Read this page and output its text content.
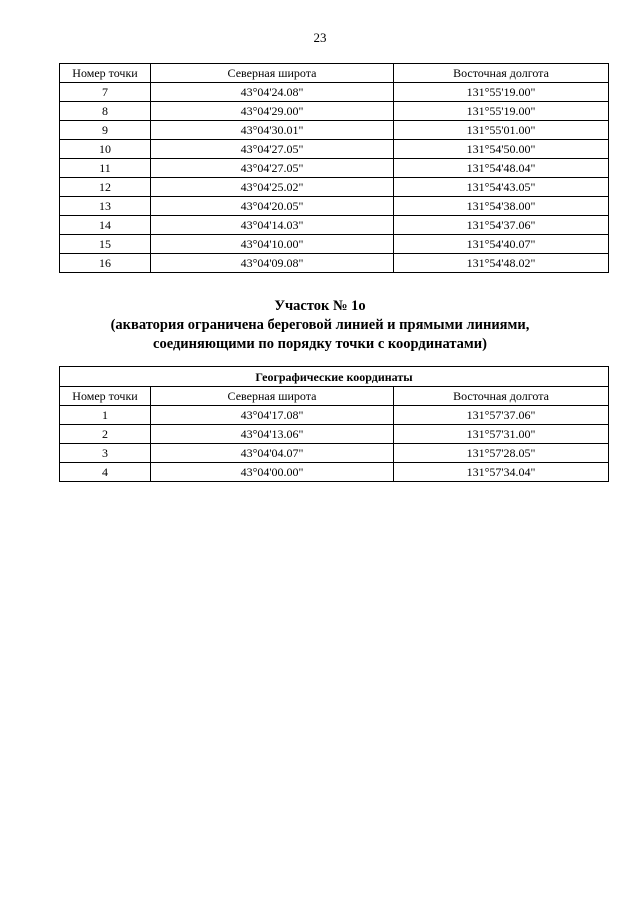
23
Номер точки	Северная широта	Восточная долгота
7	43°04'24.08"	131°55'19.00"
8	43°04'29.00"	131°55'19.00"
9	43°04'30.01"	131°55'01.00"
10	43°04'27.05"	131°54'50.00"
11	43°04'27.05"	131°54'48.04"
12	43°04'25.02"	131°54'43.05"
13	43°04'20.05"	131°54'38.00"
14	43°04'14.03"	131°54'37.06"
15	43°04'10.00"	131°54'40.07"
16	43°04'09.08"	131°54'48.02"
Участок № 1о
(акватория ограничена береговой линией и прямыми линиями,
соединяющими по порядку точки с координатами)
Географические координаты		
Номер точки	Северная широта	Восточная долгота
1	43°04'17.08"	131°57'37.06"
2	43°04'13.06"	131°57'31.00"
3	43°04'04.07"	131°57'28.05"
4	43°04'00.00"	131°57'34.04"
